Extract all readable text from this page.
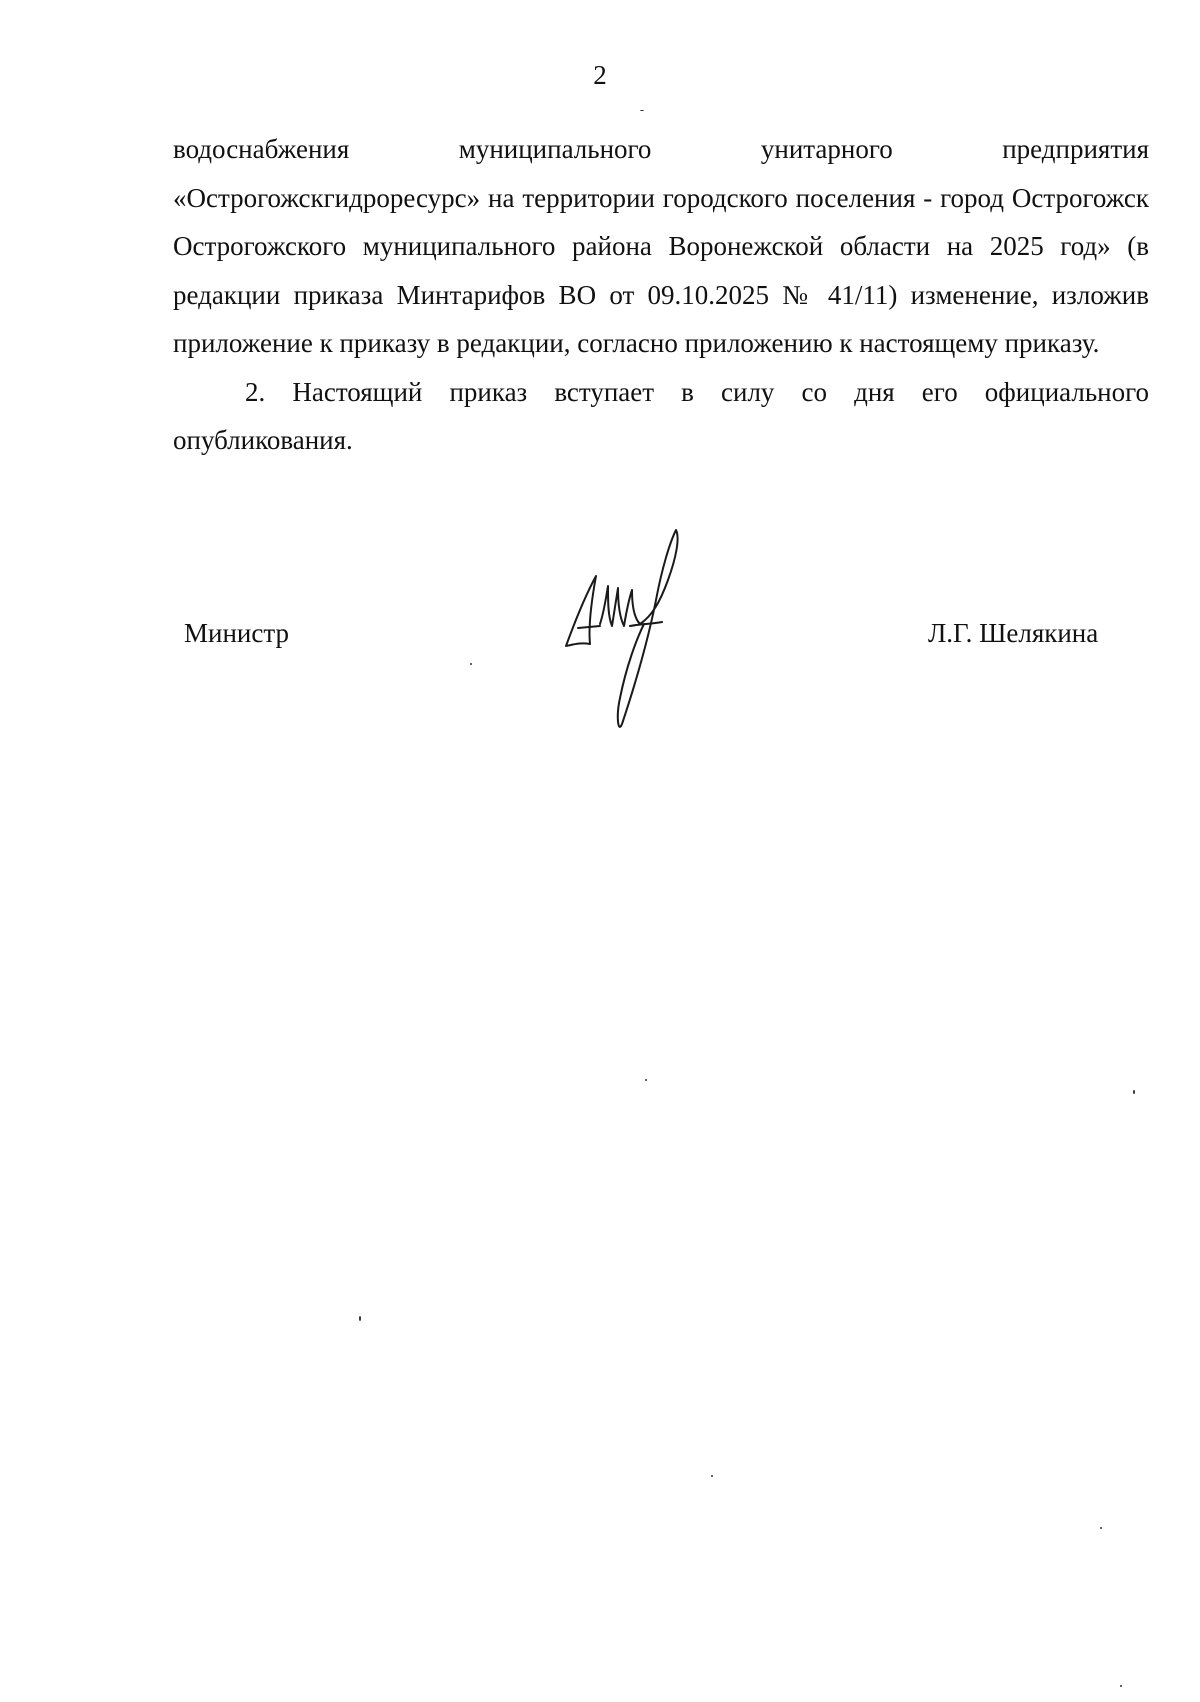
2

водоснабжения муниципального унитарного предприятия «Острогожскгидроресурс» на территории городского поселения - город Острогожск Острогожского муниципального района Воронежской области на 2025 год» (в редакции приказа Минтарифов ВО от 09.10.2025 № 41/11) изменение, изложив приложение к приказу в редакции, согласно приложению к настоящему приказу.

2. Настоящий приказ вступает в силу со дня его официального опубликования.

Министр	Л.Г. Шелякина
